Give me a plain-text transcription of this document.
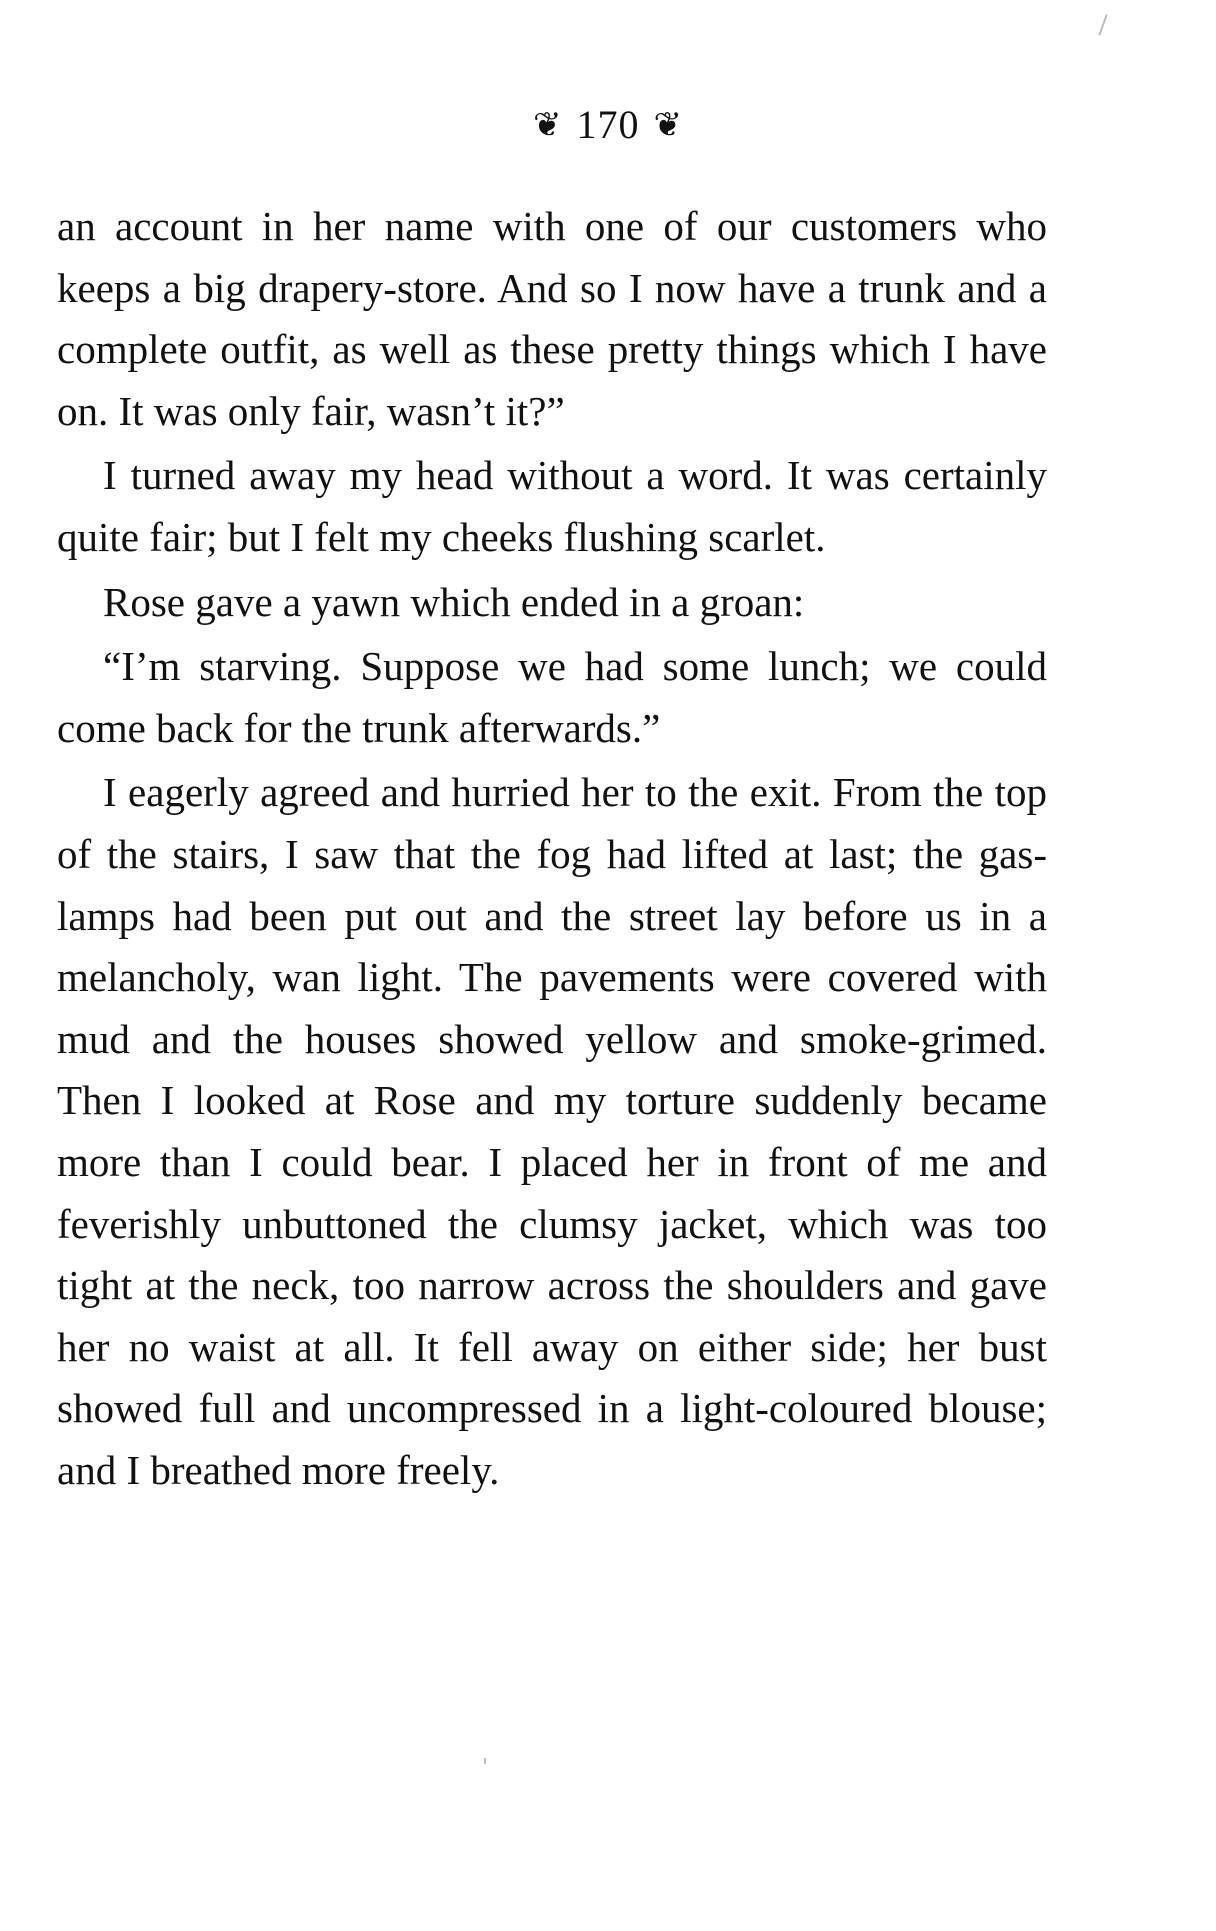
❦ 170 ❦

an account in her name with one of our customers who keeps a big drapery-store. And so I now have a trunk and a complete outfit, as well as these pretty things which I have on. It was only fair, wasn’t it?”

I turned away my head without a word. It was certainly quite fair; but I felt my cheeks flushing scarlet.

Rose gave a yawn which ended in a groan:

“I’m starving. Suppose we had some lunch; we could come back for the trunk afterwards.”

I eagerly agreed and hurried her to the exit. From the top of the stairs, I saw that the fog had lifted at last; the gas-lamps had been put out and the street lay before us in a melancholy, wan light. The pavements were covered with mud and the houses showed yellow and smoke-grimed. Then I looked at Rose and my torture suddenly became more than I could bear. I placed her in front of me and feverishly unbuttoned the clumsy jacket, which was too tight at the neck, too narrow across the shoulders and gave her no waist at all. It fell away on either side; her bust showed full and uncompressed in a light-coloured blouse; and I breathed more freely.
